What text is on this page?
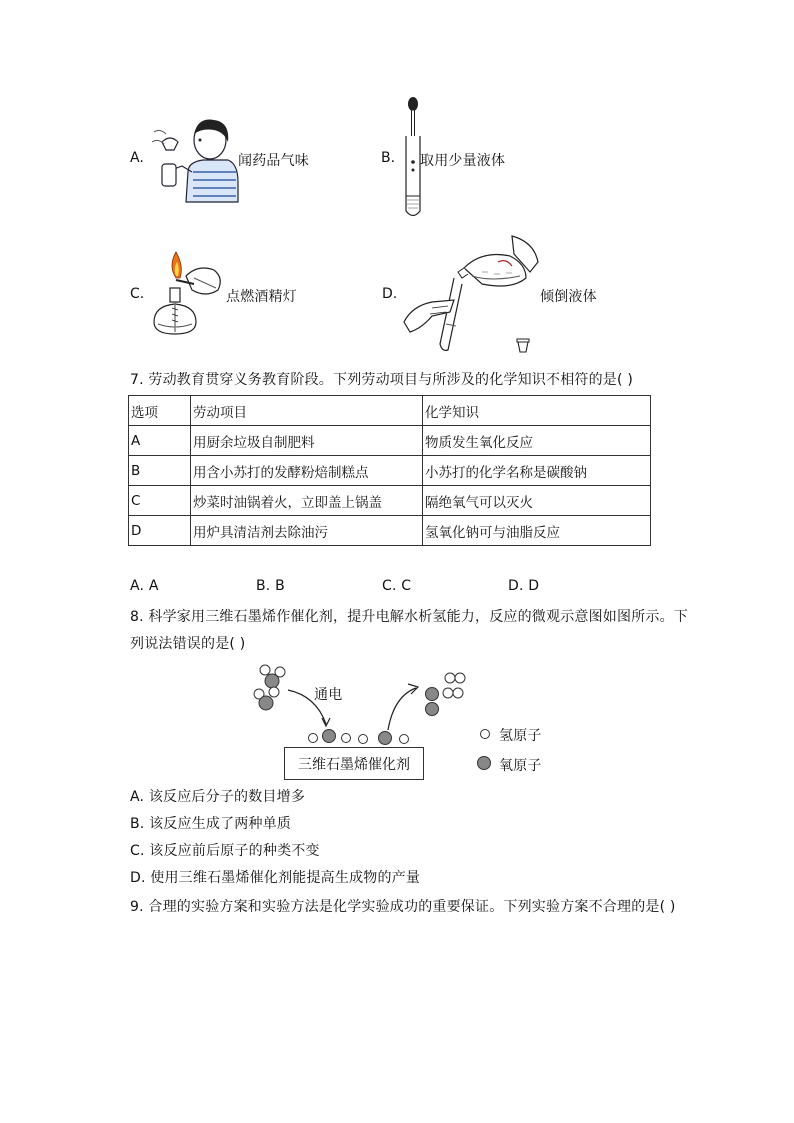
A.	闻药品气味	B. 取用少量液体
C.	点燃酒精灯	D.	倾倒液体
7. 劳动教育贯穿义务教育阶段。下列劳动项目与所涉及的化学知识不相符的是( )
选项	劳动项目	化学知识
A	用厨余垃圾自制肥料	物质发生氧化反应
B	用含小苏打的发酵粉焙制糕点	小苏打的化学名称是碳酸钠
C	炒菜时油锅着火，立即盖上锅盖	隔绝氧气可以灭火
D	用炉具清洁剂去除油污	氢氧化钠可与油脂反应
A. A	B. B	C. C	D. D
8. 科学家用三维石墨烯作催化剂，提升电解水析氢能力，反应的微观示意图如图所示。下
列说法错误的是( )
通电
三维石墨烯催化剂
氢原子
氧原子
A. 该反应后分子的数目增多
B. 该反应生成了两种单质
C. 该反应前后原子的种类不变
D. 使用三维石墨烯催化剂能提高生成物的产量
9. 合理的实验方案和实验方法是化学实验成功的重要保证。下列实验方案不合理的是( )
